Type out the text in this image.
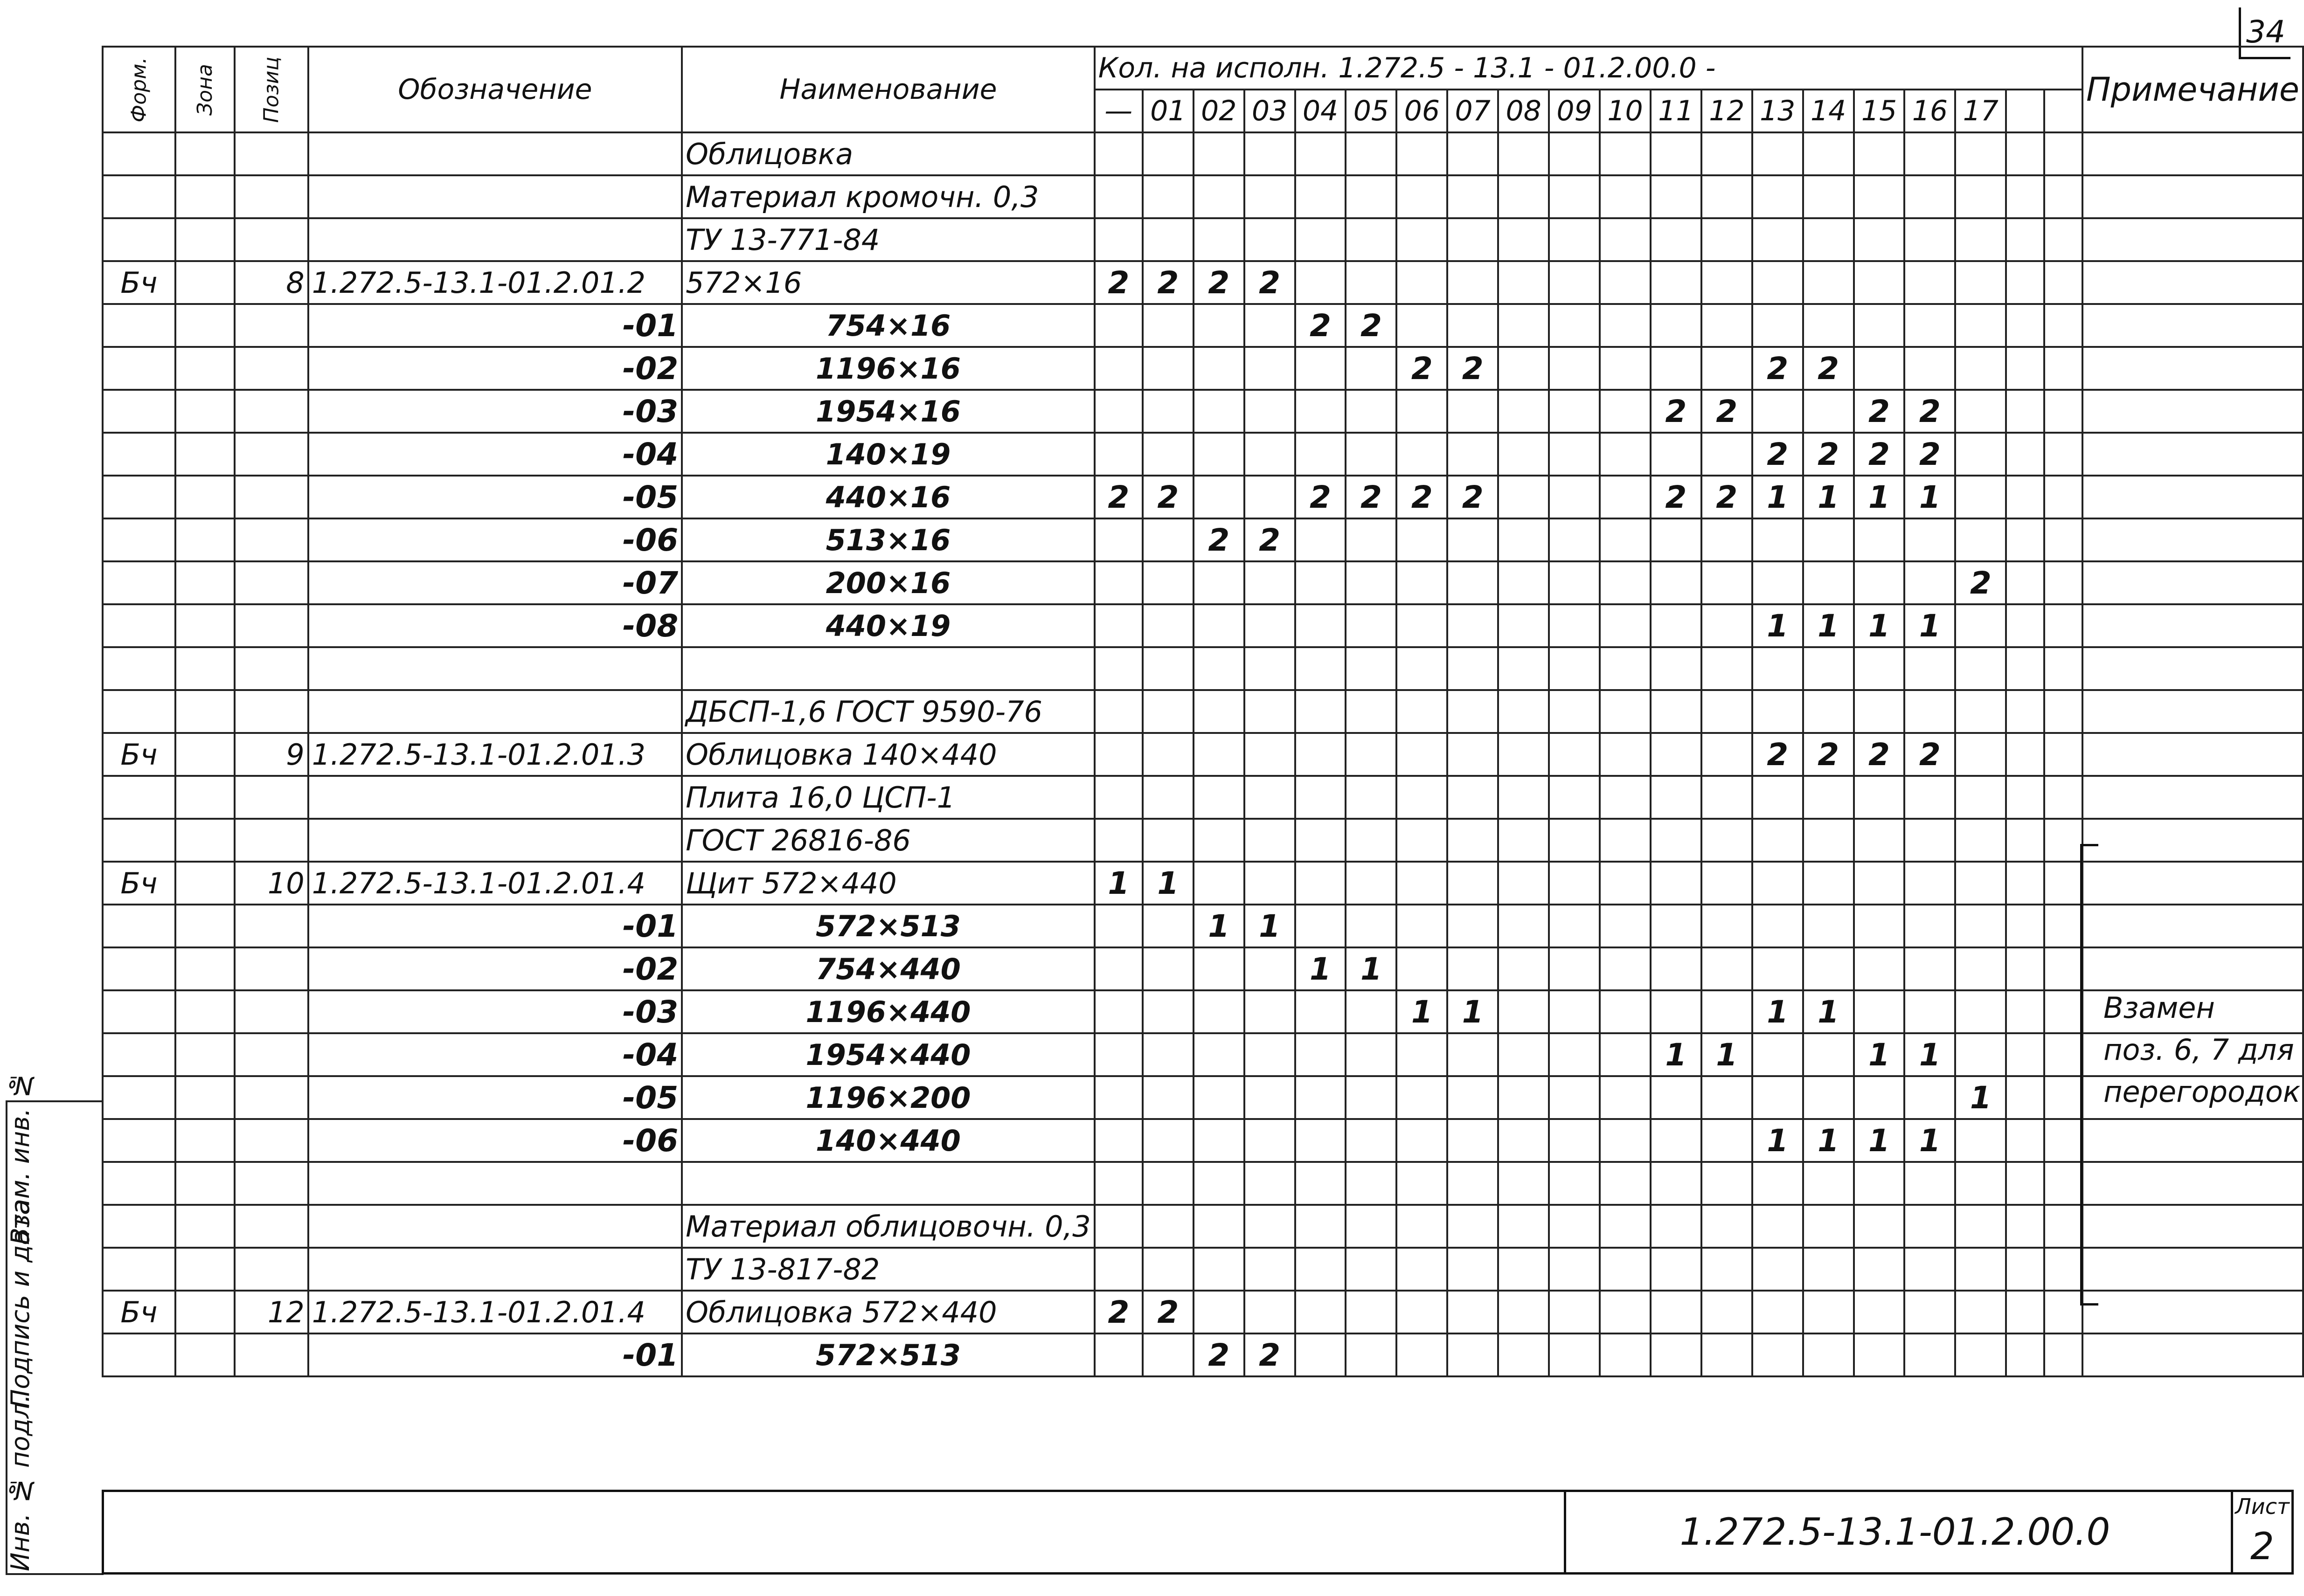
34
Форм.	Зона	Позиц	Обозначение	Наименование	Кол. на исполн. 1.272.5 - 13.1 - 01.2.00.0 -																				Примечание
					—	01	02	03	04	05	06	07	08	09	10	11	12	13	14	15	16	17			
				Облицовка																					
				Материал кромочн. 0,3																					
				ТУ 13-771-84																					
Бч		8	1.272.5-13.1-01.2.01.2	572×16	2	2	2	2																	
			-01	754×16					2	2															
			-02	1196×16							2	2						2	2						
			-03	1954×16												2	2			2	2				
			-04	140×19														2	2	2	2				
			-05	440×16	2	2			2	2	2	2				2	2	1	1	1	1				
			-06	513×16			2	2																	
			-07	200×16																		2			
			-08	440×19														1	1	1	1				

				ДБСП-1,6 ГОСТ 9590-76																					
Бч		9	1.272.5-13.1-01.2.01.3	Облицовка 140×440														2	2	2	2				
				Плита 16,0 ЦСП-1																					
				ГОСТ 26816-86																					
Бч		10	1.272.5-13.1-01.2.01.4	Щит 572×440	1	1																			
			-01	572×513			1	1																	
			-02	754×440					1	1															
			-03	1196×440							1	1						1	1						
			-04	1954×440												1	1			1	1				
			-05	1196×200																		1			
			-06	140×440														1	1	1	1				

				Материал облицовочн. 0,3																					
				ТУ 13-817-82																					
Бч		12	1.272.5-13.1-01.2.01.4	Облицовка 572×440	2	2																			
			-01	572×513			2	2																	
Взамен
поз. 6, 7 для
перегородок
Инв. № подл.
Подпись и дата
Взам. инв. №
1.272.5-13.1-01.2.00.0
Лист
2
